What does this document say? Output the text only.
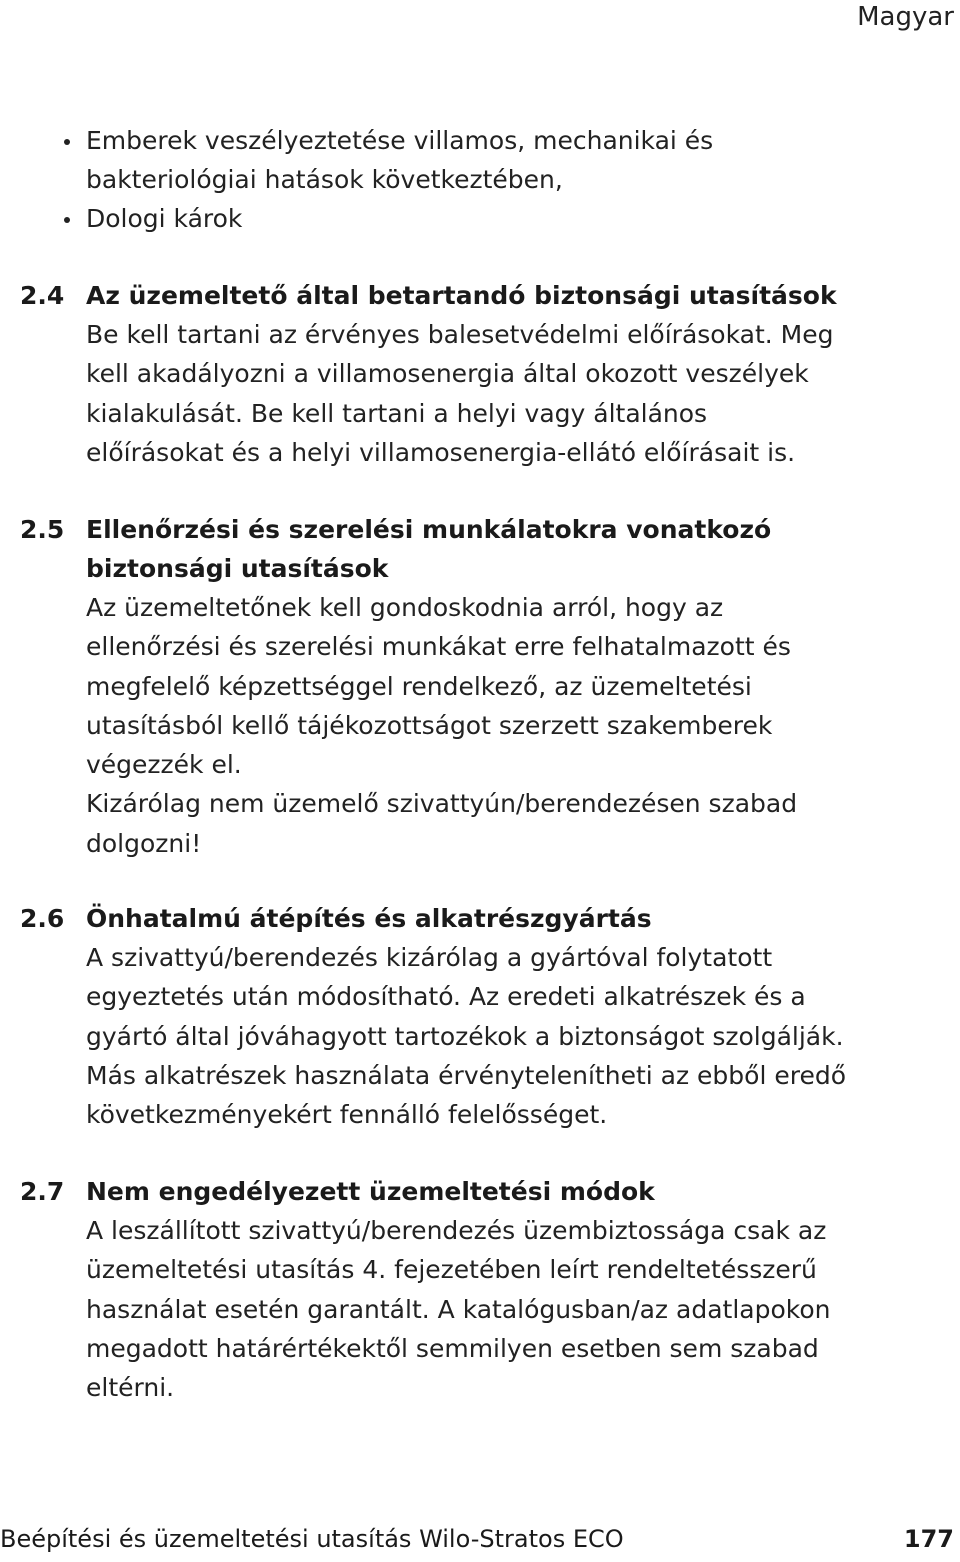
Magyar
Emberek veszélyeztetése villamos, mechanikai és bakteriológiai hatások következtében,
Dologi károk
2.4 Az üzemeltető által betartandó biztonsági utasítások

Be kell tartani az érvényes balesetvédelmi előírásokat. Meg kell akadályozni a villamosenergia által okozott veszélyek kialakulását. Be kell tartani a helyi vagy általános előírásokat és a helyi villamosenergia-ellátó előírásait is.

2.5 Ellenőrzési és szerelési munkálatokra vonatkozó biztonsági utasítások

Az üzemeltetőnek kell gondoskodnia arról, hogy az ellenőrzési és szerelési munkákat erre felhatalmazott és megfelelő képzettséggel rendelkező, az üzemeltetési utasításból kellő tájékozottságot szerzett szakemberek végezzék el.

Kizárólag nem üzemelő szivattyún/berendezésen szabad dolgozni!

2.6 Önhatalmú átépítés és alkatrészgyártás

A szivattyú/berendezés kizárólag a gyártóval folytatott egyeztetés után módosítható. Az eredeti alkatrészek és a gyártó által jóváhagyott tartozékok a biztonságot szolgálják. Más alkatrészek használata érvénytelenítheti az ebből eredő következményekért fennálló felelősséget.

2.7 Nem engedélyezett üzemeltetési módok

A leszállított szivattyú/berendezés üzembiztossága csak az üzemeltetési utasítás 4. fejezetében leírt rendeltetésszerű használat esetén garantált. A katalógusban/az adatlapokon megadott határértékektől semmilyen esetben sem szabad eltérni.

Beépítési és üzemeltetési utasítás Wilo-Stratos ECO	177
